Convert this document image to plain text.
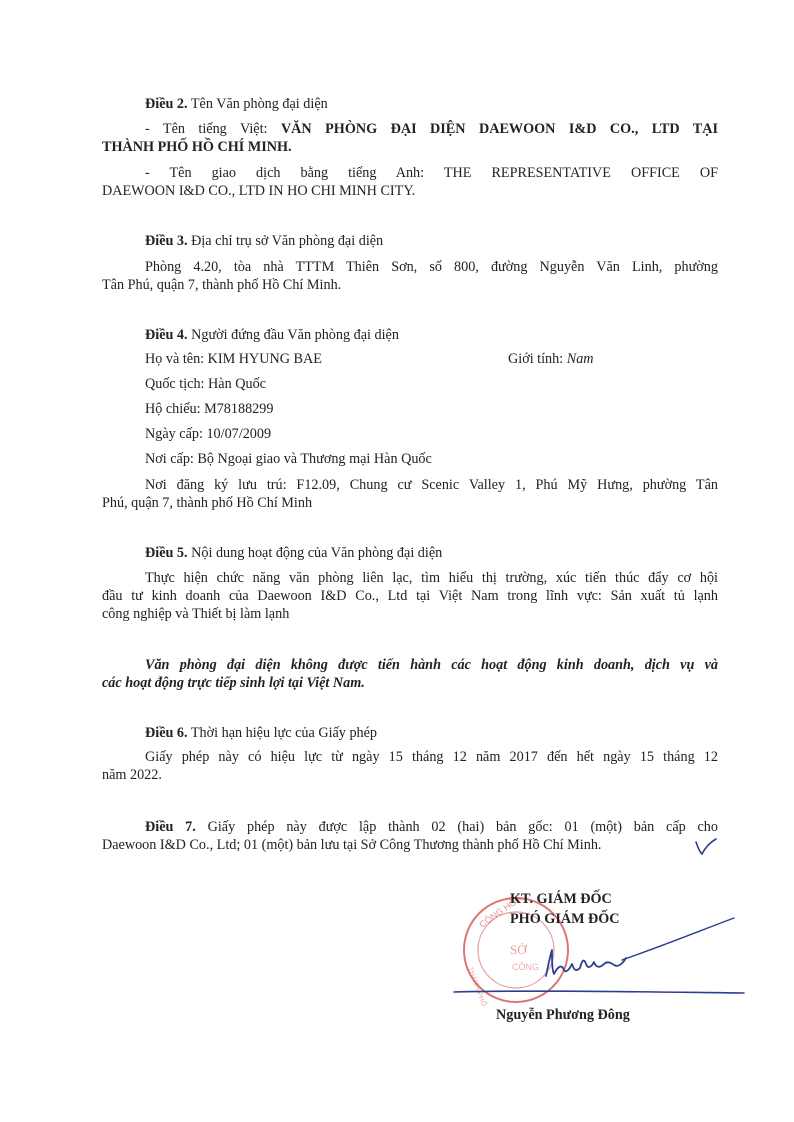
Điều 2. Tên Văn phòng đại diện
- Tên tiếng Việt: VĂN PHÒNG ĐẠI DIỆN DAEWOON I&D CO., LTD TẠI
THÀNH PHỐ HỒ CHÍ MINH.
- Tên giao dịch bằng tiếng Anh: THE REPRESENTATIVE OFFICE OF
DAEWOON I&D CO., LTD IN HO CHI MINH CITY.
Điều 3. Địa chỉ trụ sở Văn phòng đại diện
Phòng 4.20, tòa nhà TTTM Thiên Sơn, số 800, đường Nguyễn Văn Linh, phường
Tân Phú, quận 7, thành phố Hồ Chí Minh.
Điều 4. Người đứng đầu Văn phòng đại diện
Họ và tên: KIM HYUNG BAE	Giới tính: Nam
Quốc tịch: Hàn Quốc
Hộ chiếu: M78188299
Ngày cấp: 10/07/2009
Nơi cấp: Bộ Ngoại giao và Thương mại Hàn Quốc
Nơi đăng ký lưu trú: F12.09, Chung cư Scenic Valley 1, Phú Mỹ Hưng, phường Tân
Phú, quận 7, thành phố Hồ Chí Minh
Điều 5. Nội dung hoạt động của Văn phòng đại diện
Thực hiện chức năng văn phòng liên lạc, tìm hiểu thị trường, xúc tiến thúc đẩy cơ hội
đầu tư kinh doanh của Daewoon I&D Co., Ltd tại Việt Nam trong lĩnh vực: Sản xuất tủ lạnh
công nghiệp và Thiết bị làm lạnh
Văn phòng đại diện không được tiến hành các hoạt động kinh doanh, dịch vụ và
các hoạt động trực tiếp sinh lợi tại Việt Nam.
Điều 6. Thời hạn hiệu lực của Giấy phép
Giấy phép này có hiệu lực từ ngày 15 tháng 12 năm 2017 đến hết ngày 15 tháng 12
năm 2022.
Điều 7. Giấy phép này được lập thành 02 (hai) bản gốc: 01 (một) bản cấp cho
Daewoon I&D Co., Ltd; 01 (một) bản lưu tại Sở Công Thương thành phố Hồ Chí Minh.
CỘNG HÒA
SỞ
CÔNG
THÀNH PHỐ
KT. GIÁM ĐỐC
PHÓ GIÁM ĐỐC
Nguyễn Phương Đông
